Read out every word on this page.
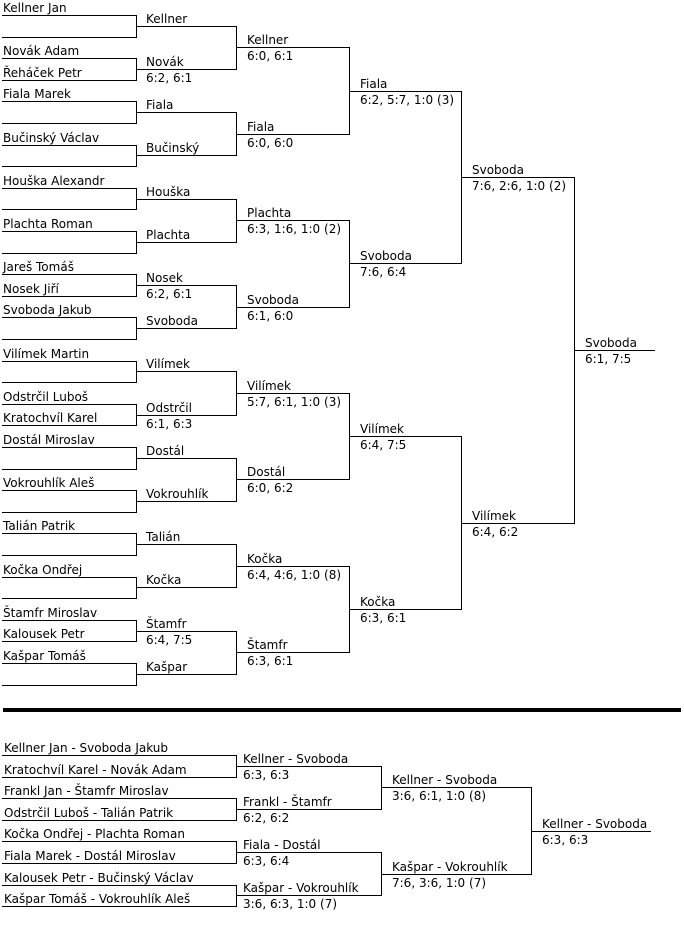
Kellner Jan
Kellner
Novák Adam
Řeháček Petr
Novák
6:2, 6:1
Fiala Marek
Fiala
Bučinský Václav
Bučinský
Houška Alexandr
Houška
Plachta Roman
Plachta
Jareš Tomáš
Nosek Jiří
Nosek
6:2, 6:1
Svoboda Jakub
Svoboda
Vilímek Martin
Vilímek
Odstrčil Luboš
Kratochvíl Karel
Odstrčil
6:1, 6:3
Dostál Miroslav
Dostál
Vokrouhlík Aleš
Vokrouhlík
Talián Patrik
Talián
Kočka Ondřej
Kočka
Štamfr Miroslav
Kalousek Petr
Štamfr
6:4, 7:5
Kašpar Tomáš
Kašpar
Kellner
6:0, 6:1
Fiala
6:0, 6:0
Plachta
6:3, 1:6, 1:0 (2)
Svoboda
6:1, 6:0
Vilímek
5:7, 6:1, 1:0 (3)
Dostál
6:0, 6:2
Kočka
6:4, 4:6, 1:0 (8)
Štamfr
6:3, 6:1
Fiala
6:2, 5:7, 1:0 (3)
Svoboda
7:6, 6:4
Vilímek
6:4, 7:5
Kočka
6:3, 6:1
Svoboda
7:6, 2:6, 1:0 (2)
Vilímek
6:4, 6:2
Svoboda
6:1, 7:5
Kellner Jan - Svoboda Jakub
Kratochvíl Karel - Novák Adam
Kellner - Svoboda
6:3, 6:3
Frankl Jan - Štamfr Miroslav
Odstrčil Luboš - Talián Patrik
Frankl - Štamfr
6:2, 6:2
Kočka Ondřej - Plachta Roman
Fiala Marek - Dostál Miroslav
Fiala - Dostál
6:3, 6:4
Kalousek Petr - Bučinský Václav
Kašpar Tomáš - Vokrouhlík Aleš
Kašpar - Vokrouhlík
3:6, 6:3, 1:0 (7)
Kellner - Svoboda
3:6, 6:1, 1:0 (8)
Kašpar - Vokrouhlík
7:6, 3:6, 1:0 (7)
Kellner - Svoboda
6:3, 6:3
